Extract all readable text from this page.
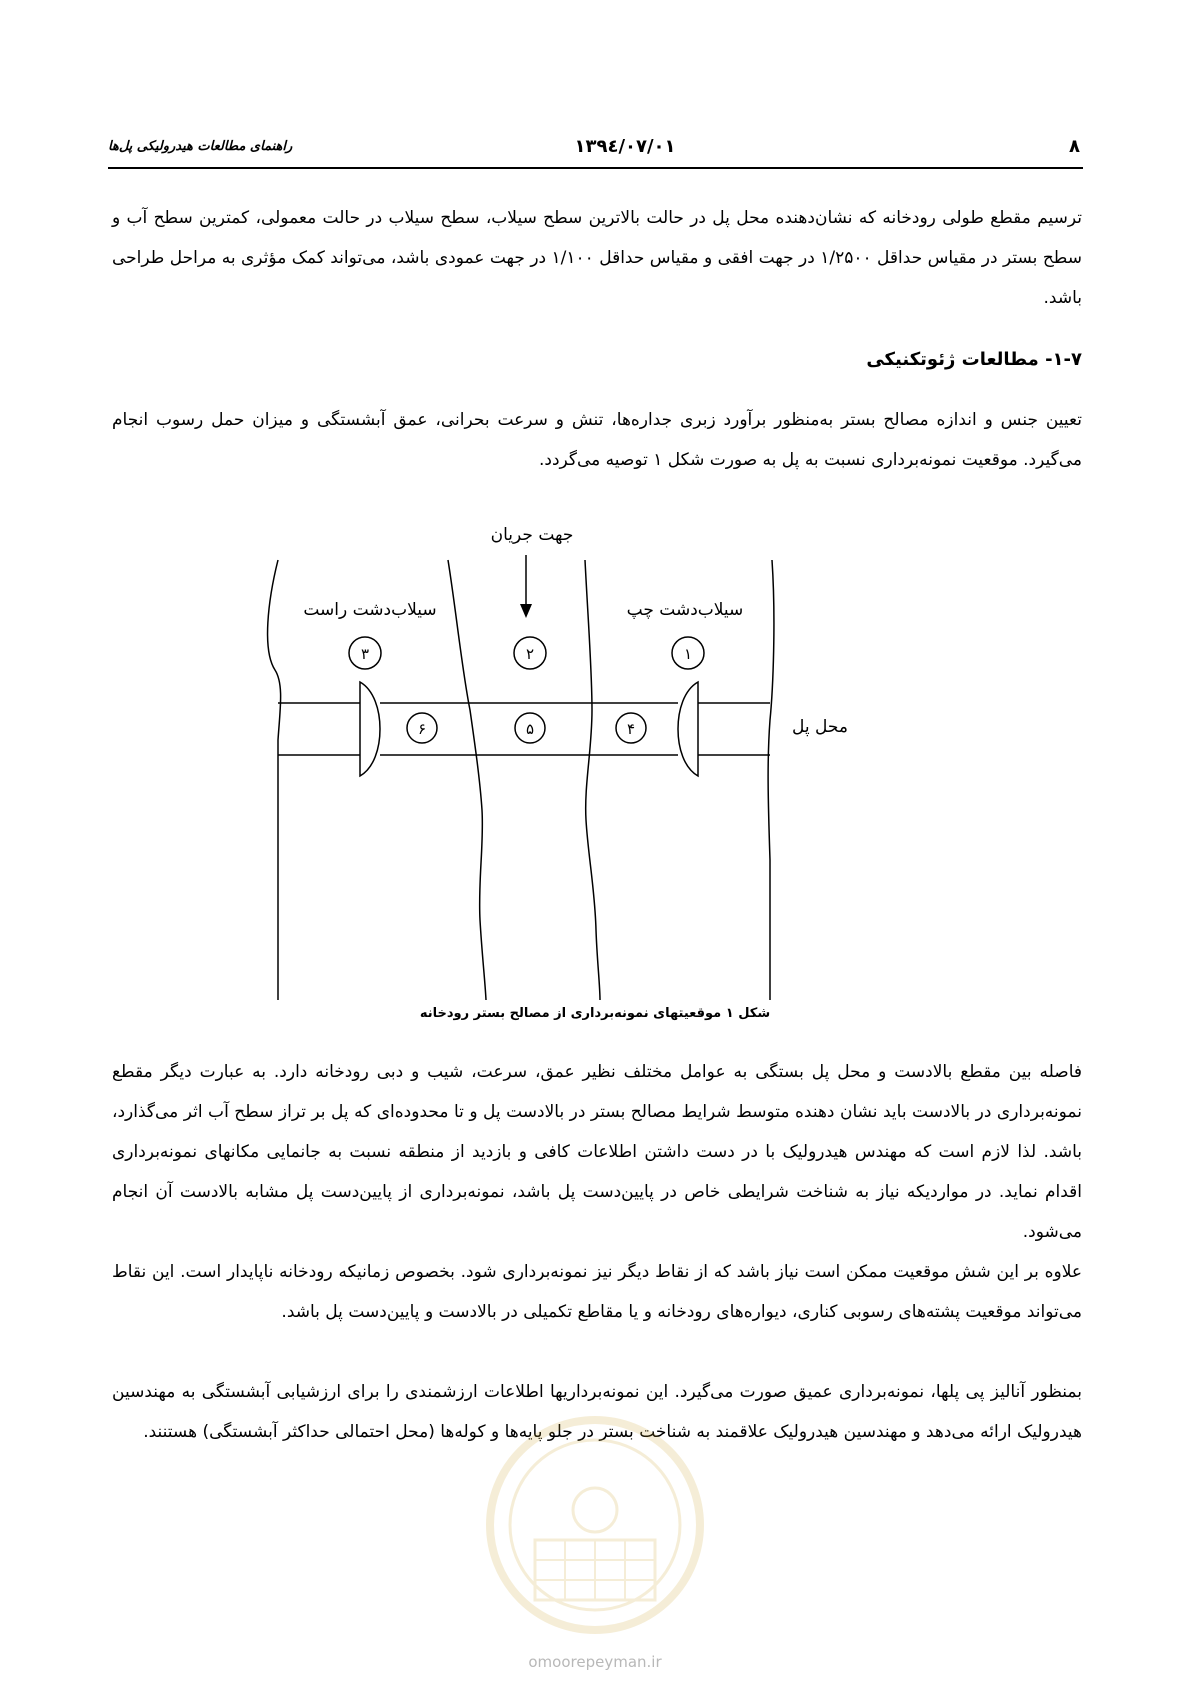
راهنمای مطالعات هیدرولیکی پل‌ها	۱۳۹٤/۰۷/۰۱	۸
ترسیم مقطع طولی رودخانه که نشان‌دهنده محل پل در حالت بالاترین سطح سیلاب، سطح سیلاب در حالت معمولی، کمترین سطح آب و سطح بستر در مقیاس حداقل ۱/۲۵۰۰ در جهت افقی و مقیاس حداقل ۱/۱۰۰ در جهت عمودی باشد، می‌تواند کمک مؤثری به مراحل طراحی باشد.
۱-۷- مطالعات ژئوتکنیکی
تعیین جنس و اندازه مصالح بستر به‌منظور برآورد زبری جداره‌ها، تنش و سرعت بحرانی، عمق آبشستگی و میزان حمل رسوب انجام می‌گیرد. موقعیت نمونه‌برداری نسبت به پل به صورت شکل ۱ توصیه می‌گردد.
جهت جریان
سیلاب‌دشت راست	سیلاب‌دشت چپ
محل پل
۱
۲
۳
۴
۵
۶
شکل ۱ موقعیتهای نمونه‌برداری از مصالح بستر رودخانه
فاصله بین مقطع بالادست و محل پل بستگی به عوامل مختلف نظیر عمق، سرعت، شیب و دبی رودخانه دارد. به عبارت دیگر مقطع نمونه‌برداری در بالادست باید نشان دهنده متوسط شرایط مصالح بستر در بالادست پل و تا محدوده‌ای که پل بر تراز سطح آب اثر می‌گذارد، باشد. لذا لازم است که مهندس هیدرولیک با در دست داشتن اطلاعات کافی و بازدید از منطقه نسبت به جانمایی مکانهای نمونه‌برداری اقدام نماید. در مواردیکه نیاز به شناخت شرایطی خاص در پایین‌دست پل باشد، نمونه‌برداری از پایین‌دست پل مشابه بالادست آن انجام می‌شود.
علاوه بر این شش موقعیت ممکن است نیاز باشد که از نقاط دیگر نیز نمونه‌برداری شود. بخصوص زمانیکه رودخانه ناپایدار است. این نقاط می‌تواند موقعیت پشته‌های رسوبی کناری، دیواره‌های رودخانه و یا مقاطع تکمیلی در بالادست و پایین‌دست پل باشد.
بمنظور آنالیز پی پلها، نمونه‌برداری عمیق صورت می‌گیرد. این نمونه‌برداریها اطلاعات ارزشمندی را برای ارزشیابی آبشستگی به مهندسین هیدرولیک ارائه می‌دهد و مهندسین هیدرولیک علاقمند به شناخت بستر در جلو پایه‌ها و کوله‌ها (محل احتمالی حداکثر آبشستگی) هستنند.
omoorepeyman.ir
